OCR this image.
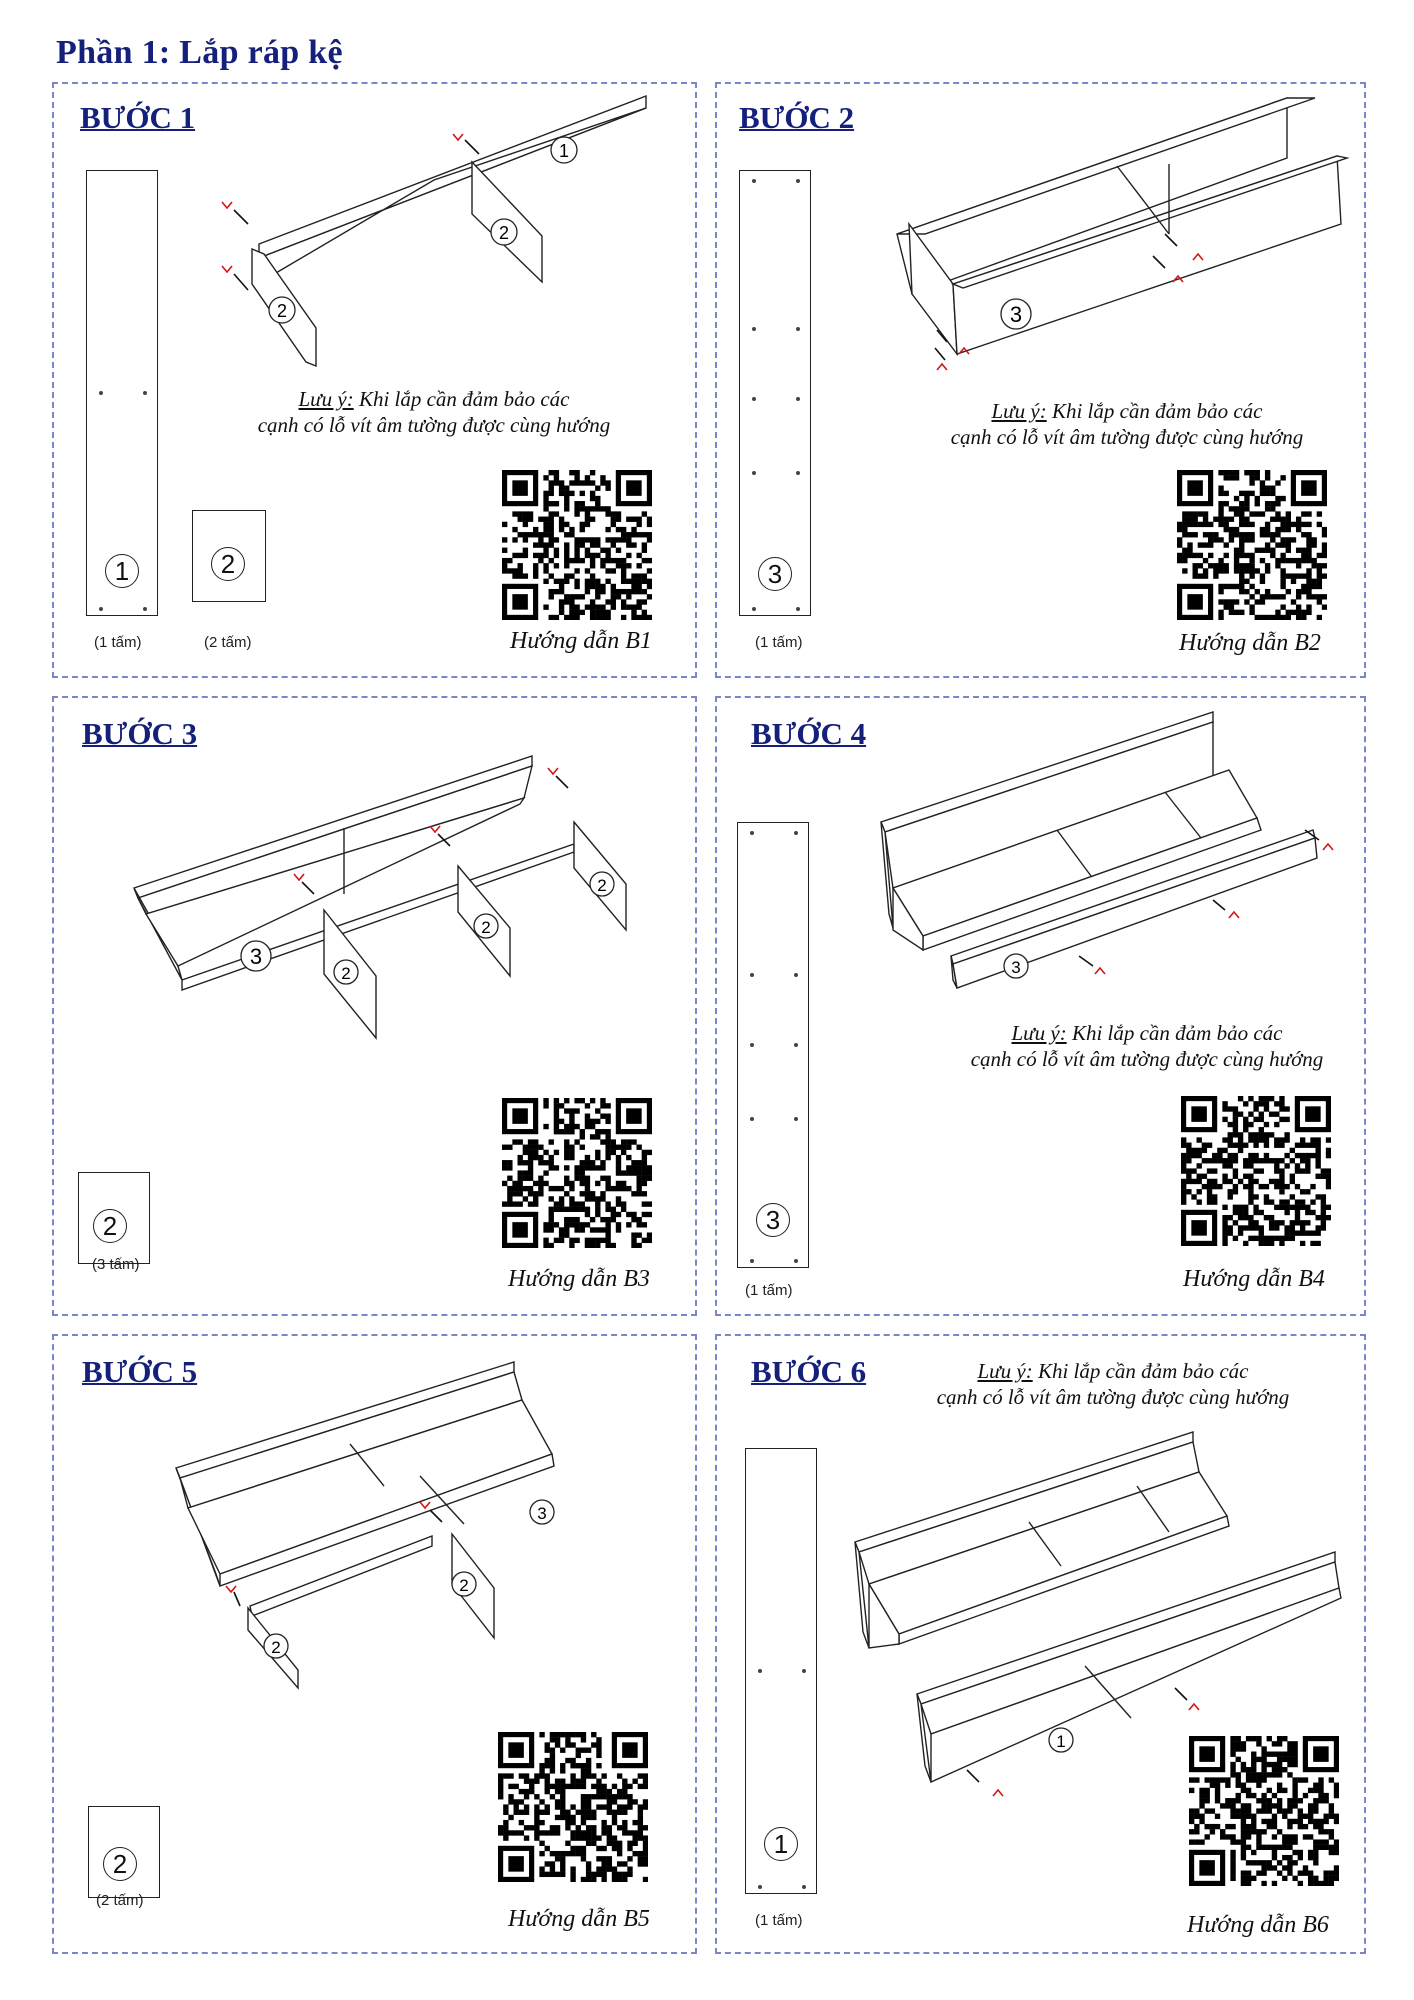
Phần 1: Lắp ráp kệ
BƯỚC 1
1
(1 tấm)
2
(2 tấm)
1
2
2
Lưu ý: Khi lắp cần đảm bảo các
cạnh có lỗ vít âm tường được cùng hướng
Hướng dẫn B1
BƯỚC 2
3
(1 tấm)
3
Lưu ý: Khi lắp cần đảm bảo các
cạnh có lỗ vít âm tường được cùng hướng
Hướng dẫn B2
BƯỚC 3
3
2
2
2
2
(3 tấm)
Hướng dẫn B3
BƯỚC 4
3
(1 tấm)
3
Lưu ý: Khi lắp cần đảm bảo các
cạnh có lỗ vít âm tường được cùng hướng
Hướng dẫn B4
BƯỚC 5
3
2
2
2
(2 tấm)
Hướng dẫn B5
BƯỚC 6	Lưu ý: Khi lắp cần đảm bảo các
cạnh có lỗ vít âm tường được cùng hướng
1
(1 tấm)
1
Hướng dẫn B6
